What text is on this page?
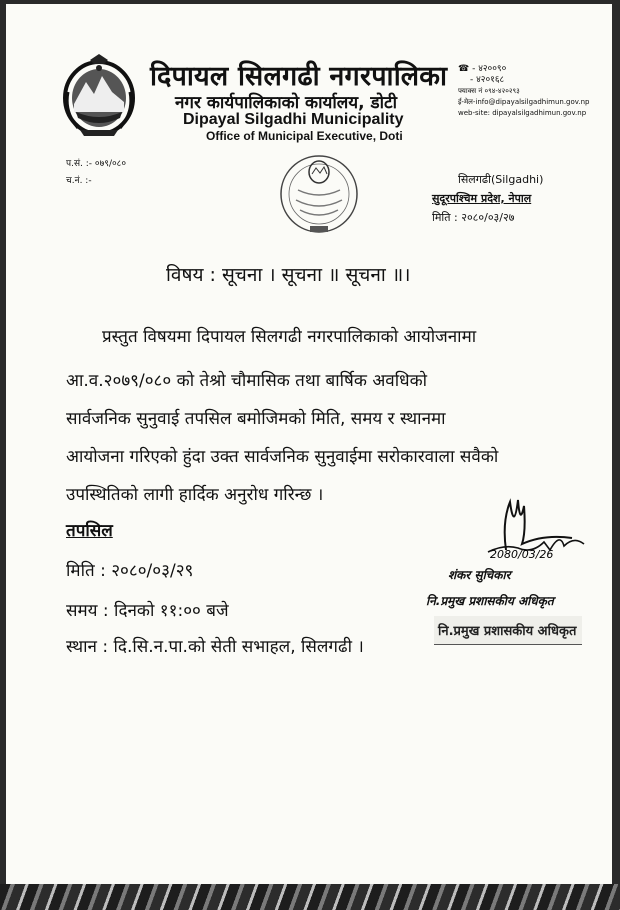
दिपायल सिलगढी नगरपालिका
नगर कार्यपालिकाको कार्यालय, डोटी
Dipayal Silgadhi Municipality
Office of Municipal Executive, Doti
☎ - ४२००९०
- ४२०१६८
फ्याक्स नं ०९४-४२०२९३
ई-मेल-info@dipayalsilgadhimun.gov.np
web-site: dipayalsilgadhimun.gov.np
प.सं. :- ०७९/०८०
च.नं. :-	सिलगढी(Silgadhi)
सुदूरपश्चिम प्रदेश, नेपाल
मिति : २०८०/०३/२७
विषय : सूचना । सूचना ॥ सूचना ॥।
प्रस्तुत विषयमा दिपायल सिलगढी नगरपालिकाको आयोजनामा
आ.व.२०७९/०८० को तेश्रो चौमासिक तथा बार्षिक अवधिको
सार्वजनिक सुनुवाई तपसिल बमोजिमको मिति, समय र स्थानमा
आयोजना गरिएको हुंदा उक्त सार्वजनिक सुनुवाईमा सरोकारवाला सवैको
उपस्थितिको लागी हार्दिक अनुरोध गरिन्छ ।
तपसिल
मिति : २०८०/०३/२९
समय : दिनको ११:०० बजे
स्थान : दि.सि.न.पा.को सेती सभाहल, सिलगढी ।
2080/03/26
शंकर सुचिकार
नि.प्रमुख प्रशासकीय अधिकृत
नि.प्रमुख प्रशासकीय अधिकृत
